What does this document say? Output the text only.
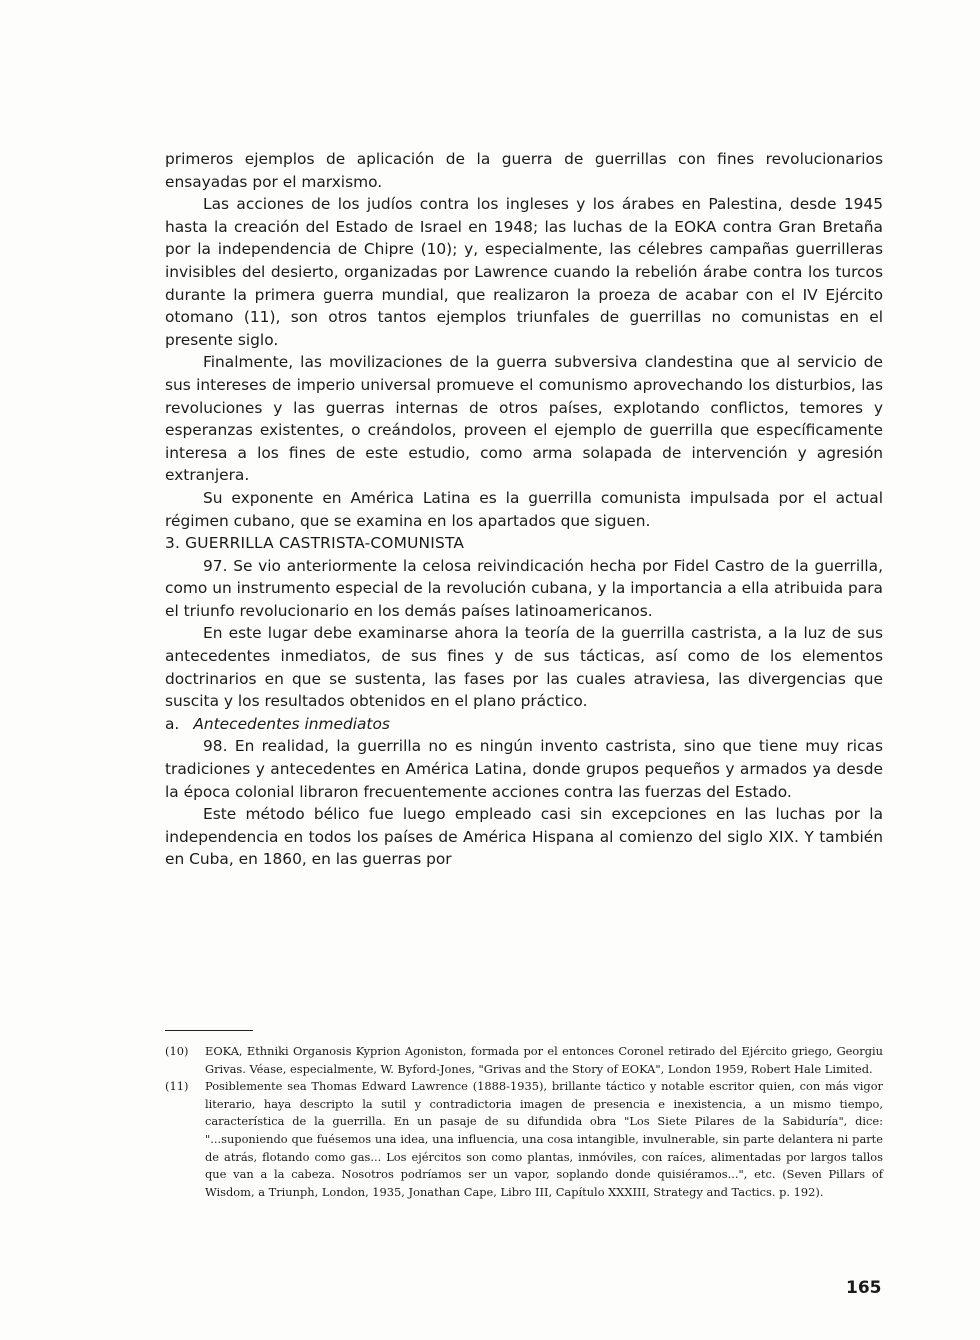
primeros ejemplos de aplicación de la guerra de guerrillas con fines revolucionarios ensayadas por el marxismo.

Las acciones de los judíos contra los ingleses y los árabes en Palestina, desde 1945 hasta la creación del Estado de Israel en 1948; las luchas de la EOKA contra Gran Bretaña por la independencia de Chipre (10); y, especialmente, las célebres campañas guerrilleras invisibles del desierto, organizadas por Lawrence cuando la rebelión árabe contra los turcos durante la primera guerra mundial, que realizaron la proeza de acabar con el IV Ejército otomano (11), son otros tantos ejemplos triunfales de guerrillas no comunistas en el presente siglo.

Finalmente, las movilizaciones de la guerra subversiva clandestina que al servicio de sus intereses de imperio universal promueve el comunismo aprovechando los disturbios, las revoluciones y las guerras internas de otros países, explotando conflictos, temores y esperanzas existentes, o creándolos, proveen el ejemplo de guerrilla que específicamente interesa a los fines de este estudio, como arma solapada de intervención y agresión extranjera.

Su exponente en América Latina es la guerrilla comunista impulsada por el actual régimen cubano, que se examina en los apartados que siguen.

3. GUERRILLA CASTRISTA-COMUNISTA

97. Se vio anteriormente la celosa reivindicación hecha por Fidel Castro de la guerrilla, como un instrumento especial de la revolución cubana, y la importancia a ella atribuida para el triunfo revolucionario en los demás países latinoamericanos.

En este lugar debe examinarse ahora la teoría de la guerrilla castrista, a la luz de sus antecedentes inmediatos, de sus fines y de sus tácticas, así como de los elementos doctrinarios en que se sustenta, las fases por las cuales atraviesa, las divergencias que suscita y los resultados obtenidos en el plano práctico.

a. Antecedentes inmediatos

98. En realidad, la guerrilla no es ningún invento castrista, sino que tiene muy ricas tradiciones y antecedentes en América Latina, donde grupos pequeños y armados ya desde la época colonial libraron frecuentemente acciones contra las fuerzas del Estado.

Este método bélico fue luego empleado casi sin excepciones en las luchas por la independencia en todos los países de América Hispana al comienzo del siglo XIX. Y también en Cuba, en 1860, en las guerras por

(10) EOKA, Ethniki Organosis Kyprion Agoniston, formada por el entonces Coronel retirado del Ejército griego, Georgiu Grivas. Véase, especialmente, W. Byford-Jones, "Grivas and the Story of EOKA", London 1959, Robert Hale Limited.

(11) Posiblemente sea Thomas Edward Lawrence (1888-1935), brillante táctico y notable escritor quien, con más vigor literario, haya descripto la sutil y contradictoria imagen de presencia e inexistencia, a un mismo tiempo, característica de la guerrilla. En un pasaje de su difundida obra "Los Siete Pilares de la Sabiduría", dice: "...suponiendo que fuésemos una idea, una influencia, una cosa intangible, invulnerable, sin parte delantera ni parte de atrás, flotando como gas... Los ejércitos son como plantas, inmóviles, con raíces, alimentadas por largos tallos que van a la cabeza. Nosotros podríamos ser un vapor, soplando donde quisiéramos...", etc. (Seven Pillars of Wisdom, a Triunph, London, 1935, Jonathan Cape, Libro III, Capítulo XXXIII, Strategy and Tactics. p. 192).

165
